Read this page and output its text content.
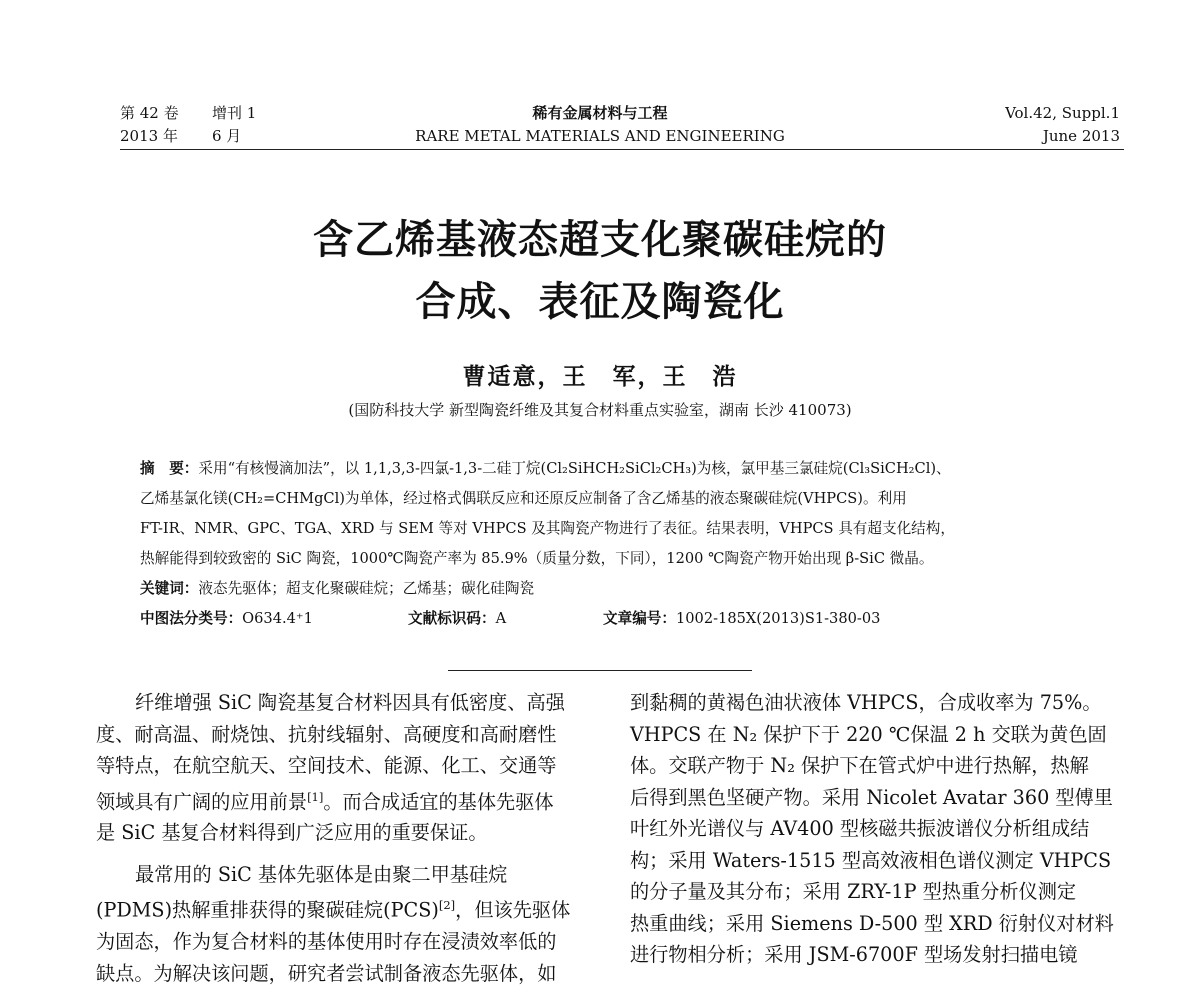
第 42 卷 增刊 1
2013 年 6 月
稀有金属材料与工程
RARE METAL MATERIALS AND ENGINEERING
Vol.42, Suppl.1
June 2013
含乙烯基液态超支化聚碳硅烷的
合成、表征及陶瓷化
曹适意，王　军，王　浩
(国防科技大学 新型陶瓷纤维及其复合材料重点实验室，湖南 长沙 410073)

摘　要：采用“有核慢滴加法”，以 1,1,3,3-四氯-1,3-二硅丁烷(Cl₂SiHCH₂SiCl₂CH₃)为核，氯甲基三氯硅烷(Cl₃SiCH₂Cl)、

乙烯基氯化镁(CH₂=CHMgCl)为单体，经过格式偶联反应和还原反应制备了含乙烯基的液态聚碳硅烷(VHPCS)。利用

FT-IR、NMR、GPC、TGA、XRD 与 SEM 等对 VHPCS 及其陶瓷产物进行了表征。结果表明，VHPCS 具有超支化结构，

热解能得到较致密的 SiC 陶瓷，1000℃陶瓷产率为 85.9%（质量分数，下同），1200 ℃陶瓷产物开始出现 β-SiC 微晶。

关键词：液态先驱体；超支化聚碳硅烷；乙烯基；碳化硅陶瓷

中图法分类号：O634.4⁺1	文献标识码：A	文章编号：1002-185X(2013)S1-380-03

纤维增强 SiC 陶瓷基复合材料因具有低密度、高强

度、耐高温、耐烧蚀、抗射线辐射、高硬度和高耐磨性

等特点，在航空航天、空间技术、能源、化工、交通等

领域具有广阔的应用前景[1]。而合成适宜的基体先驱体

是 SiC 基复合材料得到广泛应用的重要保证。

最常用的 SiC 基体先驱体是由聚二甲基硅烷

(PDMS)热解重排获得的聚碳硅烷(PCS)[2]，但该先驱体

为固态，作为复合材料的基体使用时存在浸渍效率低的

缺点。为解决该问题，研究者尝试制备液态先驱体，如

到黏稠的黄褐色油状液体 VHPCS，合成收率为 75%。

VHPCS 在 N₂ 保护下于 220 ℃保温 2 h 交联为黄色固

体。交联产物于 N₂ 保护下在管式炉中进行热解，热解

后得到黑色坚硬产物。采用 Nicolet Avatar 360 型傅里

叶红外光谱仪与 AV400 型核磁共振波谱仪分析组成结

构；采用 Waters-1515 型高效液相色谱仪测定 VHPCS

的分子量及其分布；采用 ZRY-1P 型热重分析仪测定

热重曲线；采用 Siemens D-500 型 XRD 衍射仪对材料

进行物相分析；采用 JSM-6700F 型场发射扫描电镜
